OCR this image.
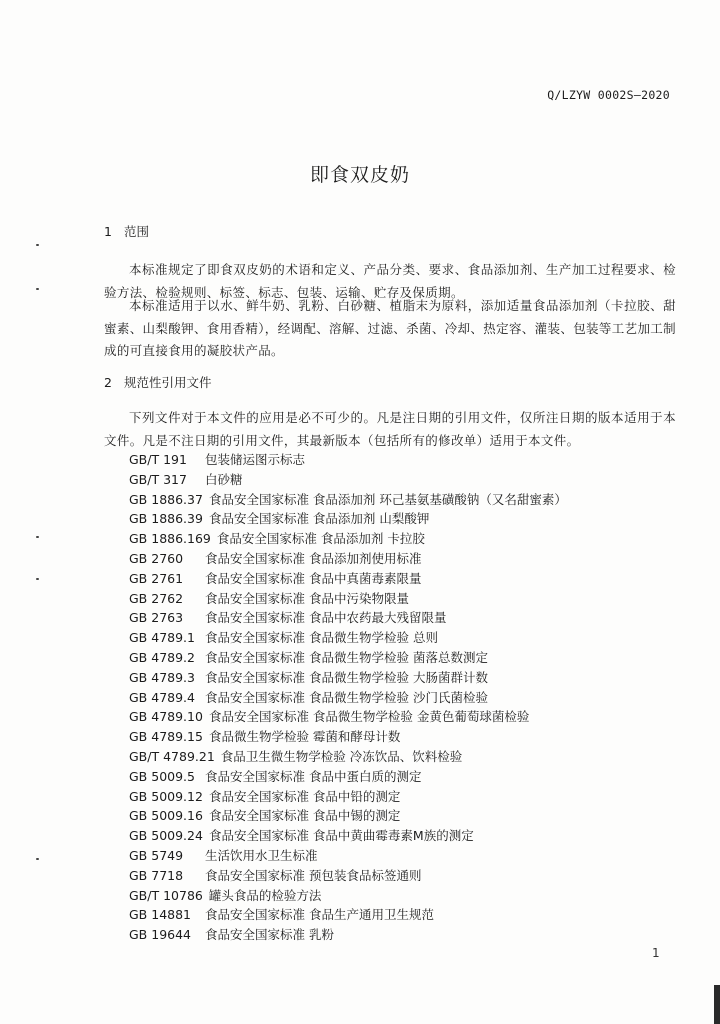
Q/LZYW 0002S—2020
即食双皮奶
1 范围
本标准规定了即食双皮奶的术语和定义、产品分类、要求、食品添加剂、生产加工过程要求、检验方法、检验规则、标签、标志、包装、运输、贮存及保质期。
本标准适用于以水、鲜牛奶、乳粉、白砂糖、植脂末为原料，添加适量食品添加剂（卡拉胶、甜蜜素、山梨酸钾、食用香精），经调配、溶解、过滤、杀菌、冷却、热定容、灌装、包装等工艺加工制成的可直接食用的凝胶状产品。
2 规范性引用文件
下列文件对于本文件的应用是必不可少的。凡是注日期的引用文件，仅所注日期的版本适用于本文件。凡是不注日期的引用文件，其最新版本（包括所有的修改单）适用于本文件。
GB/T 191 包装储运图示标志
GB/T 317 白砂糖
GB 1886.37 食品安全国家标准 食品添加剂 环己基氨基磺酸钠（又名甜蜜素）
GB 1886.39 食品安全国家标准 食品添加剂 山梨酸钾
GB 1886.169 食品安全国家标准 食品添加剂 卡拉胶
GB 2760 食品安全国家标准 食品添加剂使用标准
GB 2761 食品安全国家标准 食品中真菌毒素限量
GB 2762 食品安全国家标准 食品中污染物限量
GB 2763 食品安全国家标准 食品中农药最大残留限量
GB 4789.1 食品安全国家标准 食品微生物学检验 总则
GB 4789.2 食品安全国家标准 食品微生物学检验 菌落总数测定
GB 4789.3 食品安全国家标准 食品微生物学检验 大肠菌群计数
GB 4789.4 食品安全国家标准 食品微生物学检验 沙门氏菌检验
GB 4789.10 食品安全国家标准 食品微生物学检验 金黄色葡萄球菌检验
GB 4789.15 食品微生物学检验 霉菌和酵母计数
GB/T 4789.21 食品卫生微生物学检验 冷冻饮品、饮料检验
GB 5009.5 食品安全国家标准 食品中蛋白质的测定
GB 5009.12 食品安全国家标准 食品中铅的测定
GB 5009.16 食品安全国家标准 食品中锡的测定
GB 5009.24 食品安全国家标准 食品中黄曲霉毒素M族的测定
GB 5749 生活饮用水卫生标准
GB 7718 食品安全国家标准 预包装食品标签通则
GB/T 10786 罐头食品的检验方法
GB 14881 食品安全国家标准 食品生产通用卫生规范
GB 19644 食品安全国家标准 乳粉
1
